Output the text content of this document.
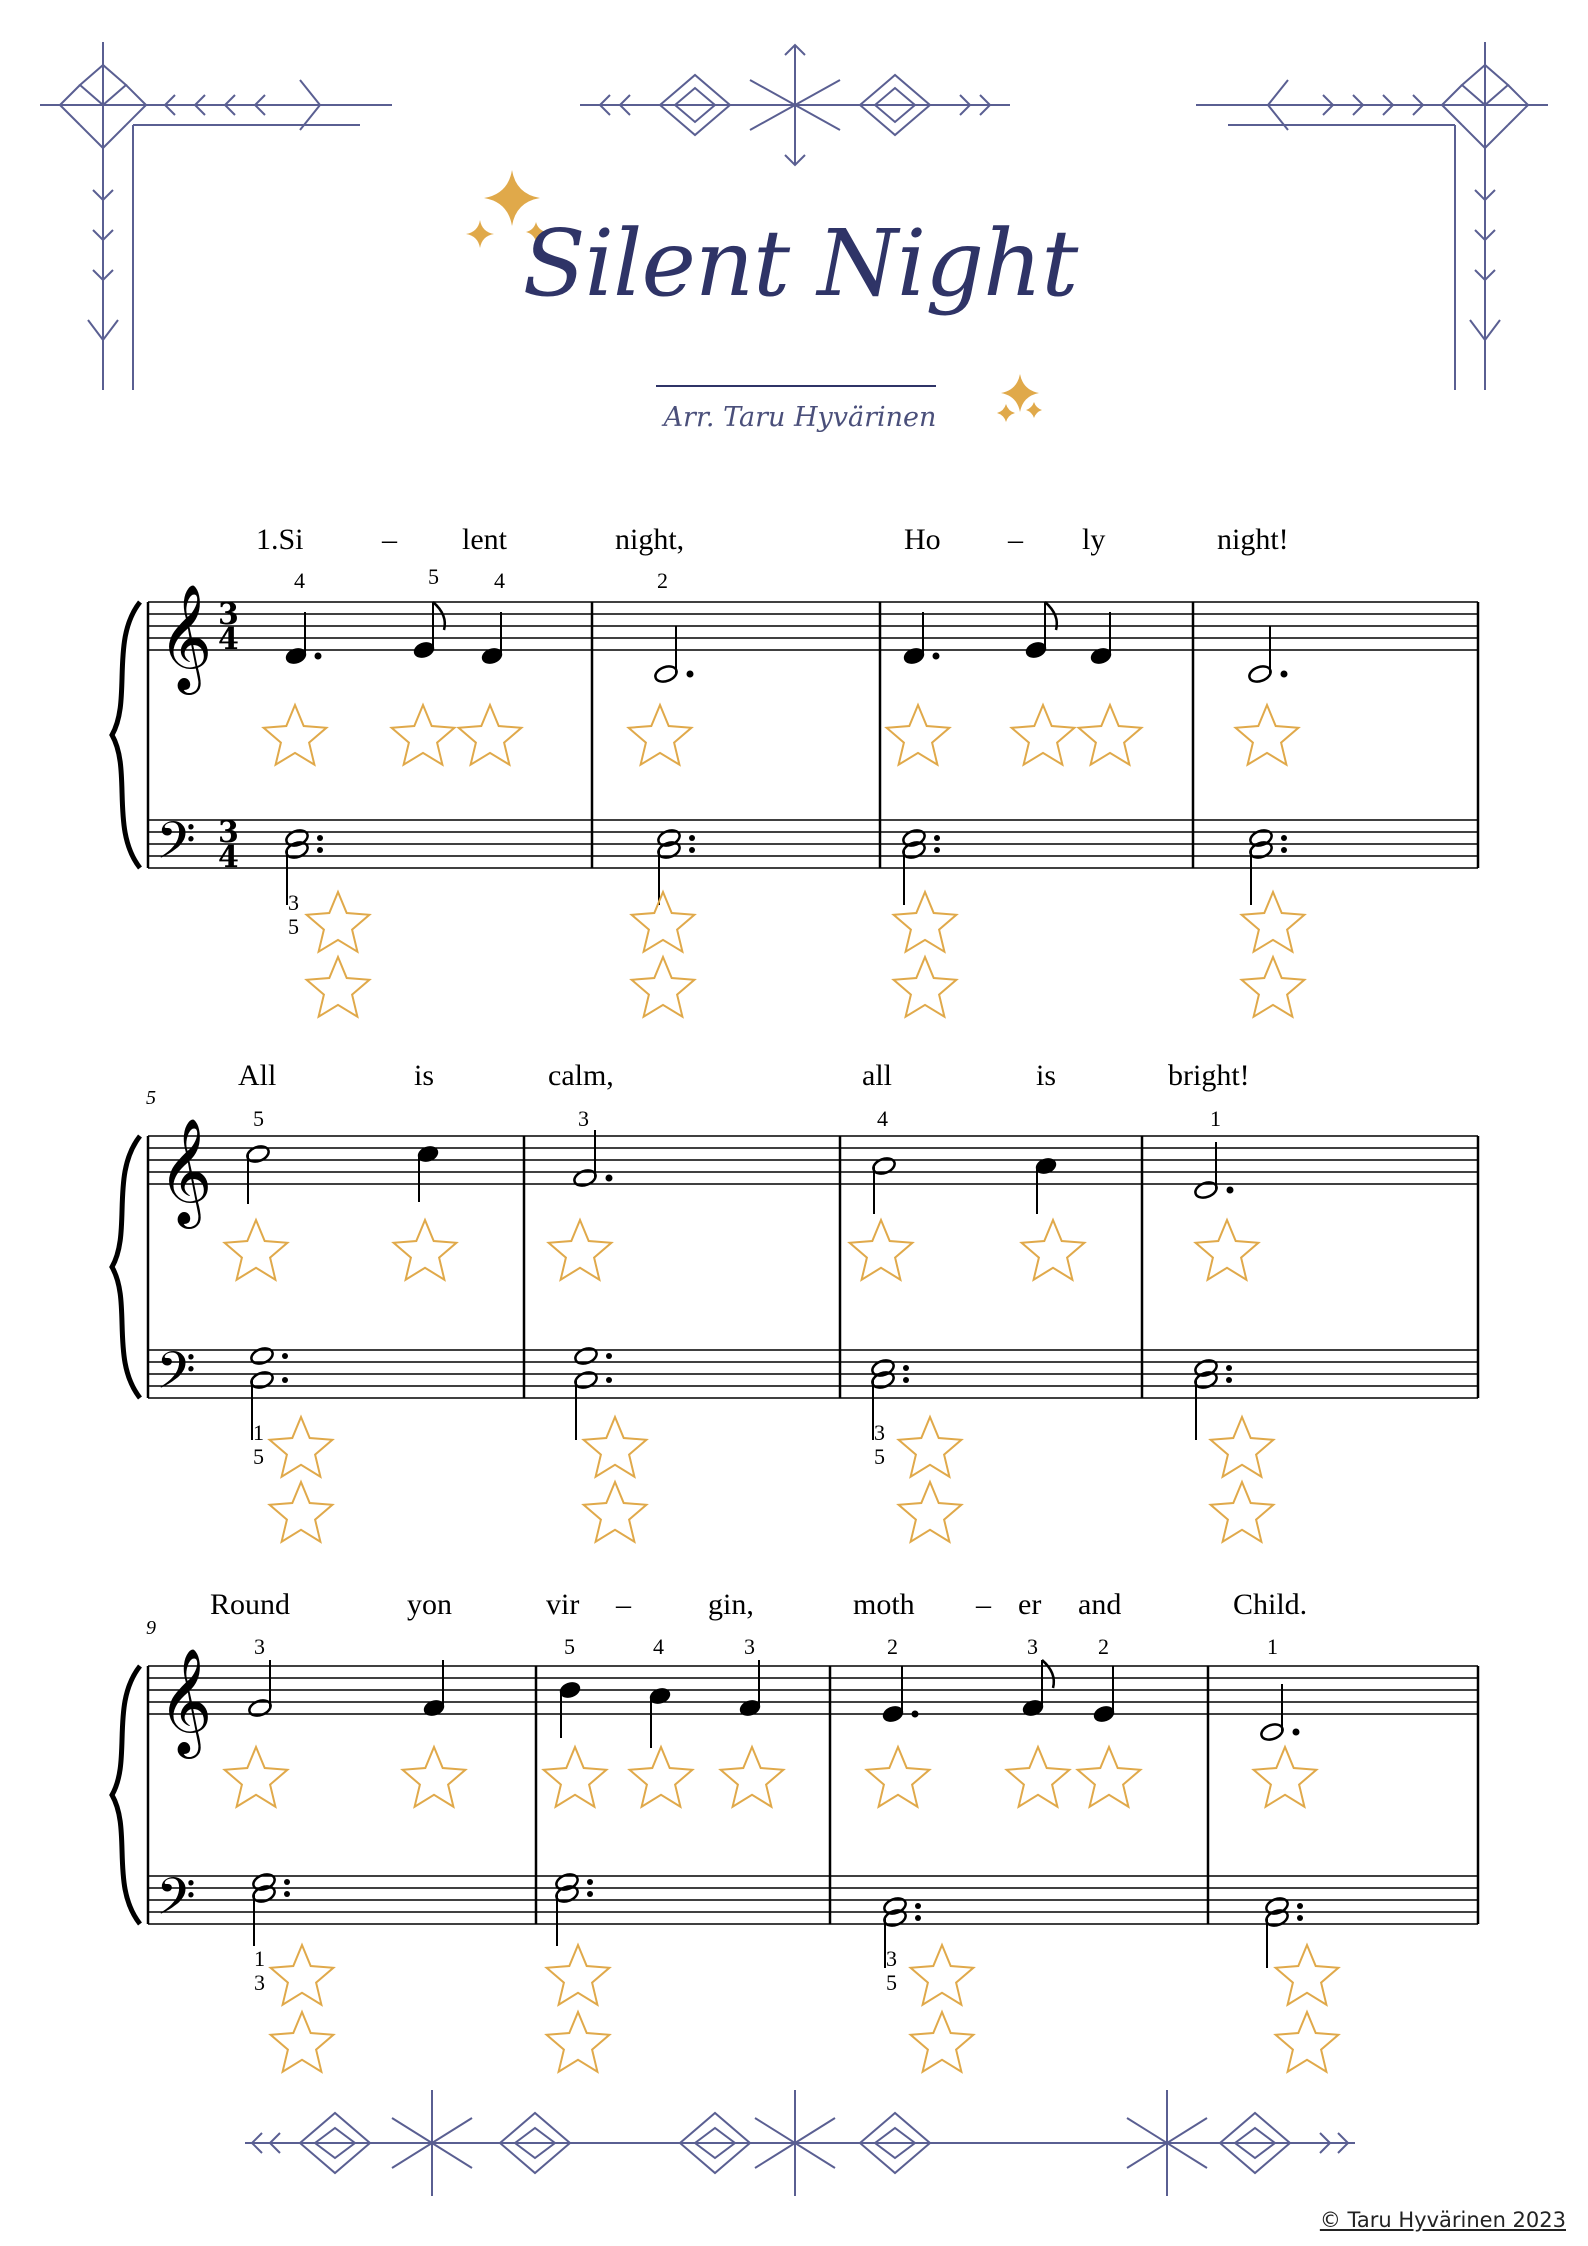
Silent Night
Arr. Taru Hyvärinen
𝄞
𝄢
3
4
3
4
1.Si	– lent	night,	Ho – ly	night!
4	5	4	2
3
5
5
𝄞
𝄢
All	is	calm,	all	is	bright!
5	3	4	1
1
5
3
5
9
𝄞
𝄢
Round	yon	vir –	gin,	moth – er and	Child.
3	5	4	3	2	3	2	1
1
3
3
5
© Taru Hyvärinen 2023
